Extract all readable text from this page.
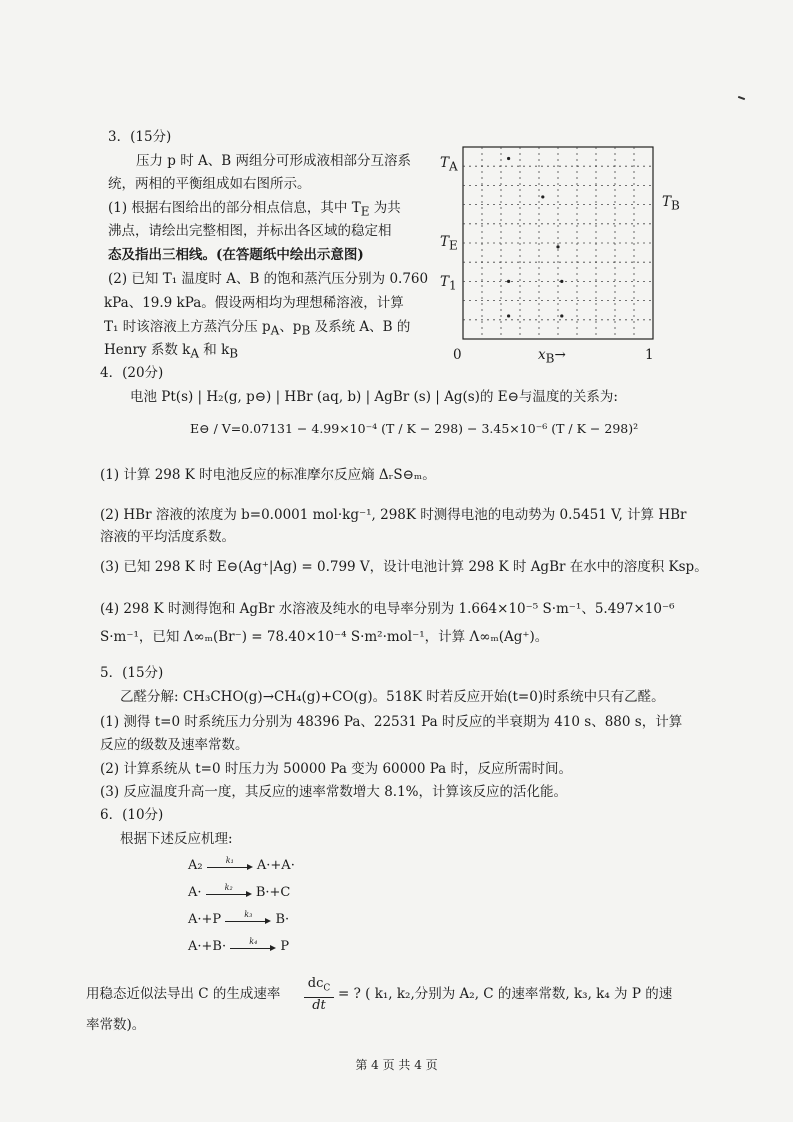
3．(15分)
压力 p 时 A、B 两组分可形成液相部分互溶系
统，两相的平衡组成如右图所示。
(1) 根据右图给出的部分相点信息，其中 $T_E$ 为共
沸点，请绘出完整相图，并标出各区域的稳定相
态及指出三相线。(在答题纸中绘出示意图)
(2) 已知 T₁ 温度时 A、B 的饱和蒸汽压分别为 0.760
kPa、19.9 kPa。假设两相均为理想稀溶液，计算
T₁ 时该溶液上方蒸汽分压 $p_A$、$p_B$ 及系统 A、B 的
Henry 系数 $k_A$ 和 $k_B$
$T_A$
$T_B$
$T_E$
$T_1$
0	1
$x_B\to$
4．(20分)
电池 Pt(s) | H₂(g, p⊖) | HBr (aq, b) | AgBr (s) | Ag(s)的 E⊖与温度的关系为:
E⊖ / V=0.07131 − 4.99×10⁻⁴ (T / K − 298) − 3.45×10⁻⁶ (T / K − 298)²
(1) 计算 298 K 时电池反应的标准摩尔反应熵 ΔᵣS⊖ₘ。
(2) HBr 溶液的浓度为 b=0.0001 mol·kg⁻¹, 298K 时测得电池的电动势为 0.5451 V, 计算 HBr
溶液的平均活度系数。
(3) 已知 298 K 时 E⊖(Ag⁺|Ag) = 0.799 V，设计电池计算 298 K 时 AgBr 在水中的溶度积 Ksp。
(4) 298 K 时测得饱和 AgBr 水溶液及纯水的电导率分别为 1.664×10⁻⁵ S·m⁻¹、5.497×10⁻⁶
S·m⁻¹，已知 Λ∞ₘ(Br⁻) = 78.40×10⁻⁴ S·m²·mol⁻¹，计算 Λ∞ₘ(Ag⁺)。
5．(15分)
乙醛分解: CH₃CHO(g)→CH₄(g)+CO(g)。518K 时若反应开始(t=0)时系统中只有乙醛。
(1) 测得 t=0 时系统压力分别为 48396 Pa、22531 Pa 时反应的半衰期为 410 s、880 s，计算
反应的级数及速率常数。
(2) 计算系统从 t=0 时压力为 50000 Pa 变为 60000 Pa 时，反应所需时间。
(3) 反应温度升高一度，其反应的速率常数增大 8.1%，计算该反应的活化能。
6．(10分)
根据下述反应机理:
A₂	k₁	A·+A·
A·	k₂	B·+C
A·+P	k₃	B·
A·+B·	k₄	P
用稳态近似法导出 C 的生成速率
$dc_C$
dt
= ? ( k₁, k₂,分别为 A₂, C 的速率常数, k₃, k₄ 为 P 的速
率常数)。
第 4 页 共 4 页
